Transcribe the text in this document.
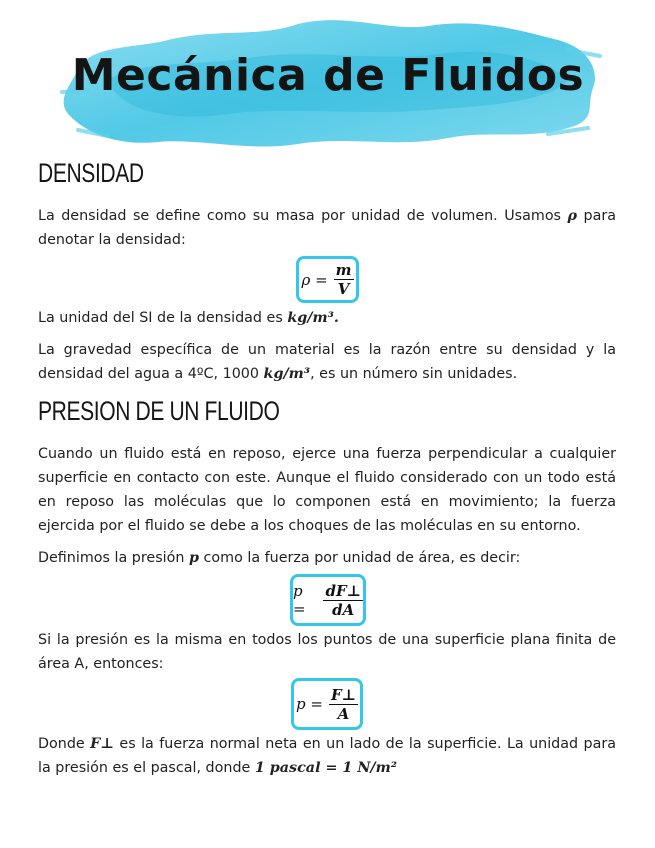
Mecánica de Fluidos
DENSIDAD
La densidad se define como su masa por unidad de volumen. Usamos ρ para denotar la densidad:
$\rho = \frac{m}{V}$
La unidad del SI de la densidad es kg/m³.
La gravedad específica de un material es la razón entre su densidad y la densidad del agua a 4ºC, 1000 kg/m³, es un número sin unidades.
PRESION DE UN FLUIDO
Cuando un fluido está en reposo, ejerce una fuerza perpendicular a cualquier superficie en contacto con este. Aunque el fluido considerado con un todo está en reposo las moléculas que lo componen está en movimiento; la fuerza ejercida por el fluido se debe a los choques de las moléculas en su entorno.
Definimos la presión p como la fuerza por unidad de área, es decir:
p =	$\frac{dF\perp}{dA}$
Si la presión es la misma en todos los puntos de una superficie plana finita de área A, entonces:
$p = \frac{F\perp}{A}$
Donde F⊥ es la fuerza normal neta en un lado de la superficie. La unidad para la presión es el pascal, donde 1 pascal = 1 N/m²
